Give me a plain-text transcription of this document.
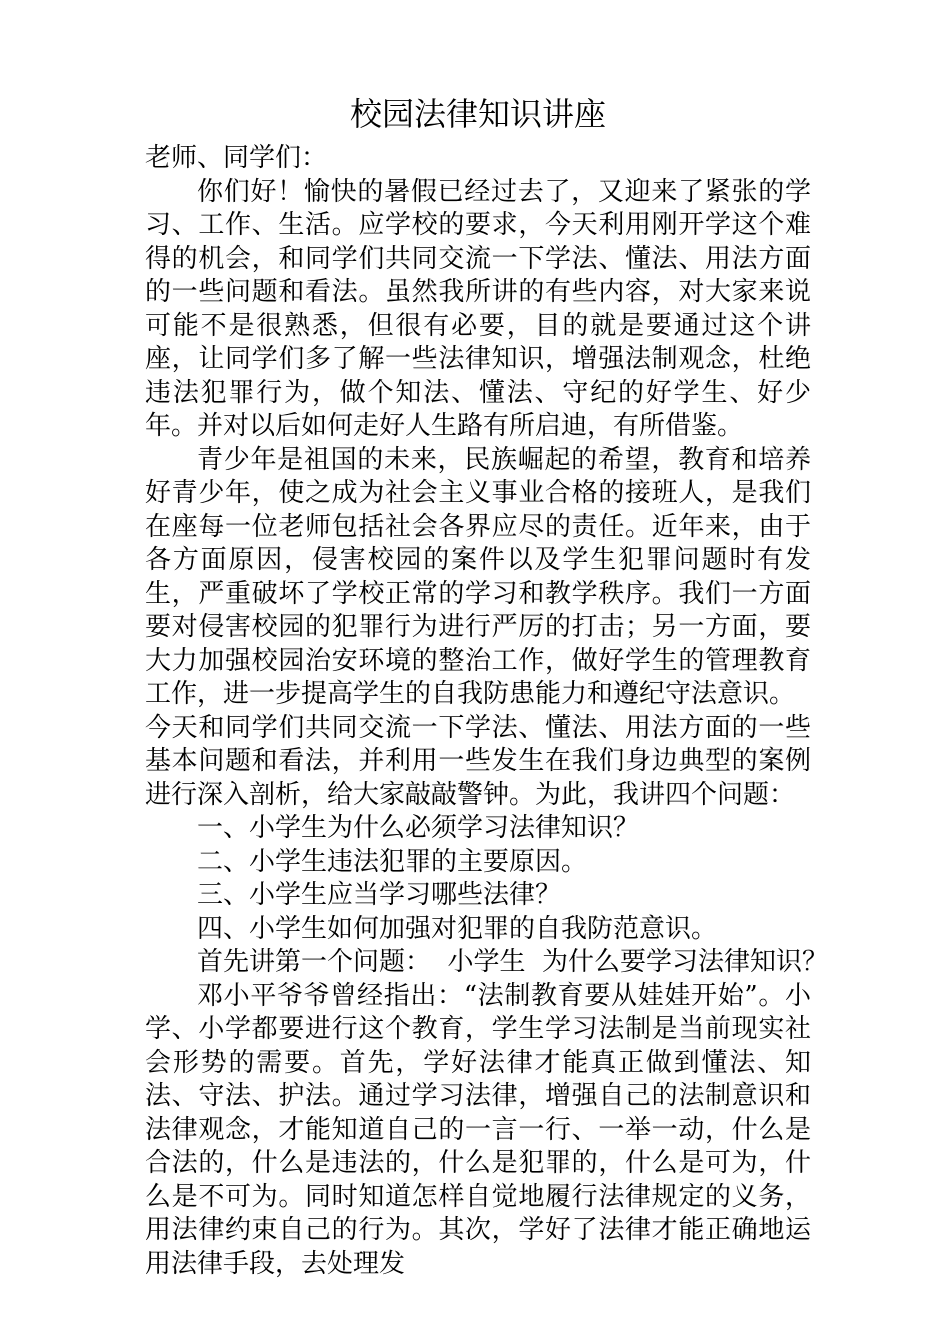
校园法律知识讲座

老师、同学们：

你们好！愉快的暑假已经过去了，又迎来了紧张的学习、工作、生活。应学校的要求，今天利用刚开学这个难得的机会，和同学们共同交流一下学法、懂法、用法方面的一些问题和看法。虽然我所讲的有些内容，对大家来说可能不是很熟悉，但很有必要，目的就是要通过这个讲座，让同学们多了解一些法律知识，增强法制观念，杜绝违法犯罪行为，做个知法、懂法、守纪的好学生、好少年。并对以后如何走好人生路有所启迪，有所借鉴。

青少年是祖国的未来，民族崛起的希望，教育和培养好青少年，使之成为社会主义事业合格的接班人，是我们在座每一位老师包括社会各界应尽的责任。近年来，由于各方面原因，侵害校园的案件以及学生犯罪问题时有发生，严重破坏了学校正常的学习和教学秩序。我们一方面要对侵害校园的犯罪行为进行严厉的打击；另一方面，要大力加强校园治安环境的整治工作，做好学生的管理教育工作，进一步提高学生的自我防患能力和遵纪守法意识。

今天和同学们共同交流一下学法、懂法、用法方面的一些基本问题和看法，并利用一些发生在我们身边典型的案例进行深入剖析，给大家敲敲警钟。为此，我讲四个问题：

一、小学生为什么必须学习法律知识？

二、小学生违法犯罪的主要原因。

三、小学生应当学习哪些法律？

四、小学生如何加强对犯罪的自我防范意识。

首先讲第一个问题：  小学生  为什么要学习法律知识？

邓小平爷爷曾经指出：“法制教育要从娃娃开始”。小学、小学都要进行这个教育，学生学习法制是当前现实社会形势的需要。首先，学好法律才能真正做到懂法、知法、守法、护法。通过学习法律，增强自己的法制意识和法律观念，才能知道自己的一言一行、一举一动，什么是合法的，什么是违法的，什么是犯罪的，什么是可为，什么是不可为。同时知道怎样自觉地履行法律规定的义务，用法律约束自己的行为。其次，学好了法律才能正确地运用法律手段，去处理发
